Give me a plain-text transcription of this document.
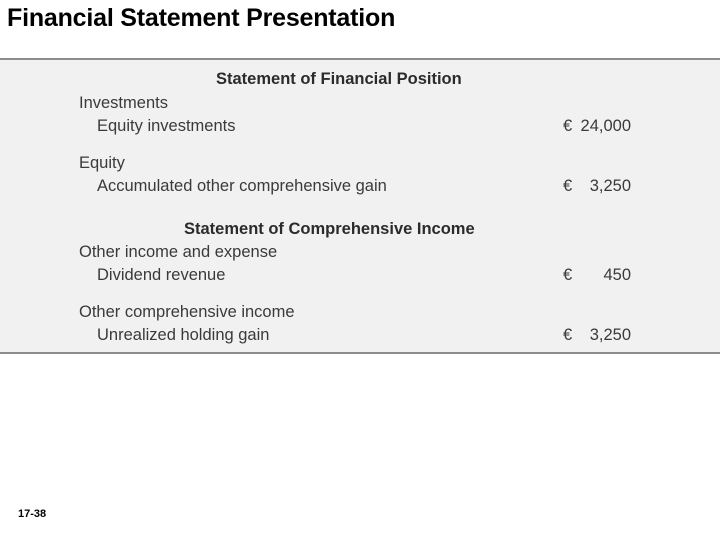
Financial Statement Presentation
Statement of Financial Position
Investments
Equity investments	€ 24,000
Equity
Accumulated other comprehensive gain	€ 3,250
Statement of Comprehensive Income
Other income and expense
Dividend revenue	€ 450
Other comprehensive income
Unrealized holding gain	€ 3,250
17-38
